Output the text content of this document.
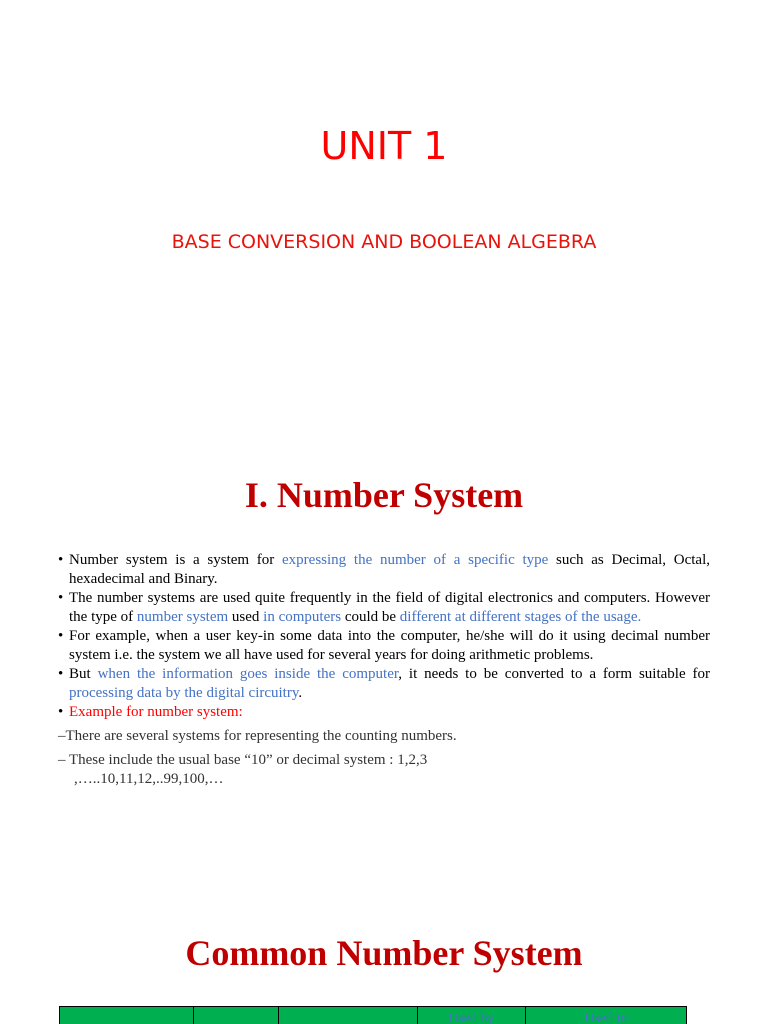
UNIT 1
BASE CONVERSION AND BOOLEAN ALGEBRA
I. Number System
• Number system is a system for expressing the number of a specific type such as Decimal, Octal, hexadecimal and Binary.
• The number systems are used quite frequently in the field of digital electronics and computers. However the type of number system used in computers could be different at different stages of the usage.
• For example, when a user key-in some data into the computer, he/she will do it using decimal number system i.e. the system we all have used for several years for doing arithmetic problems.
• But when the information goes inside the computer, it needs to be converted to a form suitable for processing data by the digital circuitry.
• Example for number system:
–There are several systems for representing the counting numbers.
– These include the usual base “10” or decimal system : 1,2,3
,…..10,11,12,..99,100,…
Common Number System
Used by	Used in
